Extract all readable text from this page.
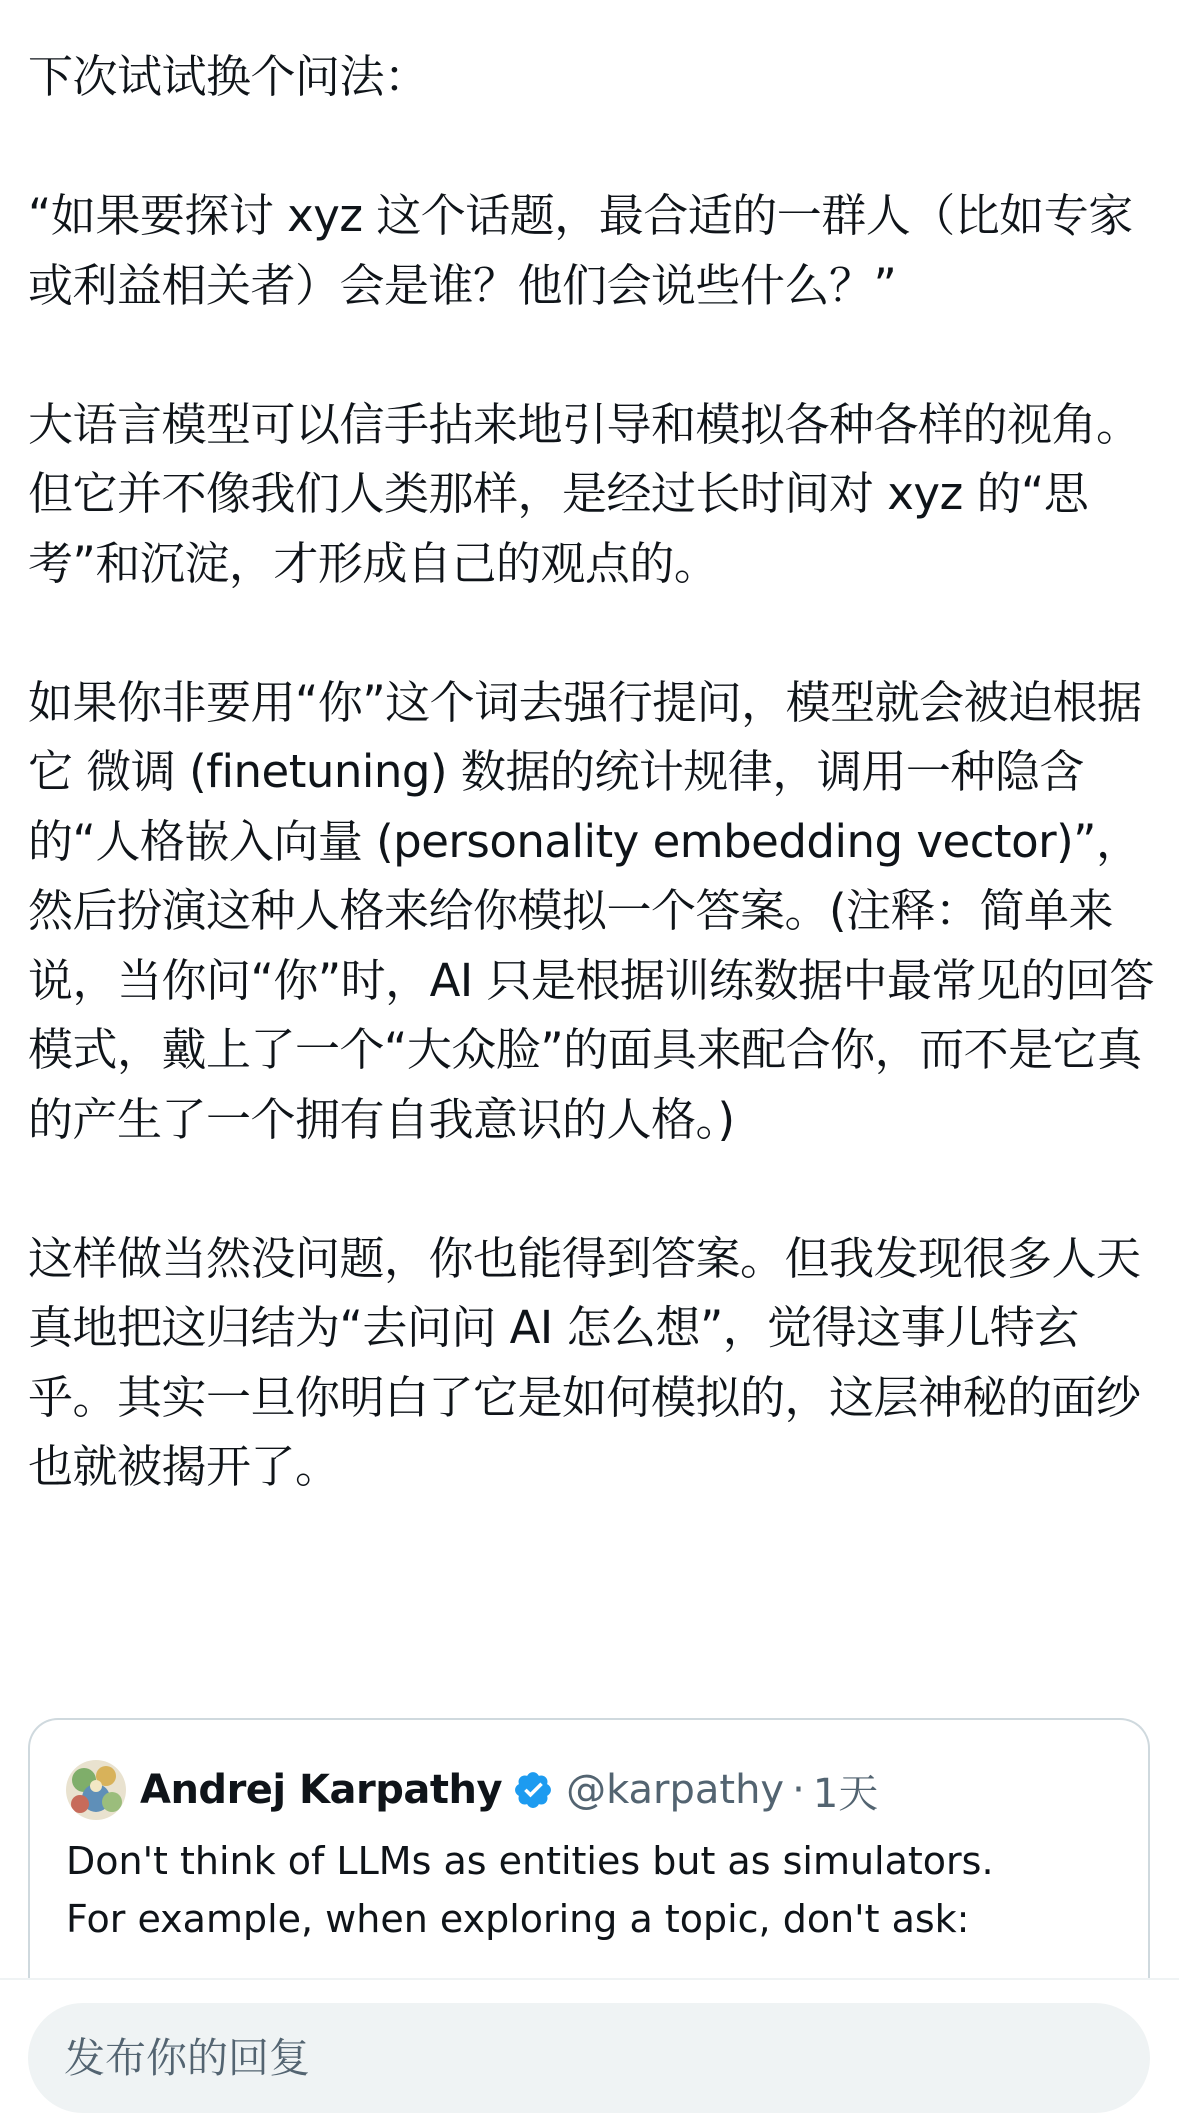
下次试试换个问法：

“如果要探讨 xyz 这个话题，最合适的一群人（比如专家或利益相关者）会是谁？他们会说些什么？”

大语言模型可以信手拈来地引导和模拟各种各样的视角。但它并不像我们人类那样，是经过长时间对 xyz 的“思考”和沉淀，才形成自己的观点的。

如果你非要用“你”这个词去强行提问，模型就会被迫根据它 微调 (finetuning) 数据的统计规律，调用一种隐含的“人格嵌入向量 (personality embedding vector)”，然后扮演这种人格来给你模拟一个答案。(注释：简单来说，当你问“你”时，AI 只是根据训练数据中最常见的回答模式，戴上了一个“大众脸”的面具来配合你，而不是它真的产生了一个拥有自我意识的人格。)

这样做当然没问题，你也能得到答案。但我发现很多人天真地把这归结为“去问问 AI 怎么想”，觉得这事儿特玄乎。其实一旦你明白了它是如何模拟的，这层神秘的面纱也就被揭开了。

Andrej Karpathy @karpathy · 1天
Don't think of LLMs as entities but as simulators.
For example, when exploring a topic, don't ask:
发布你的回复
